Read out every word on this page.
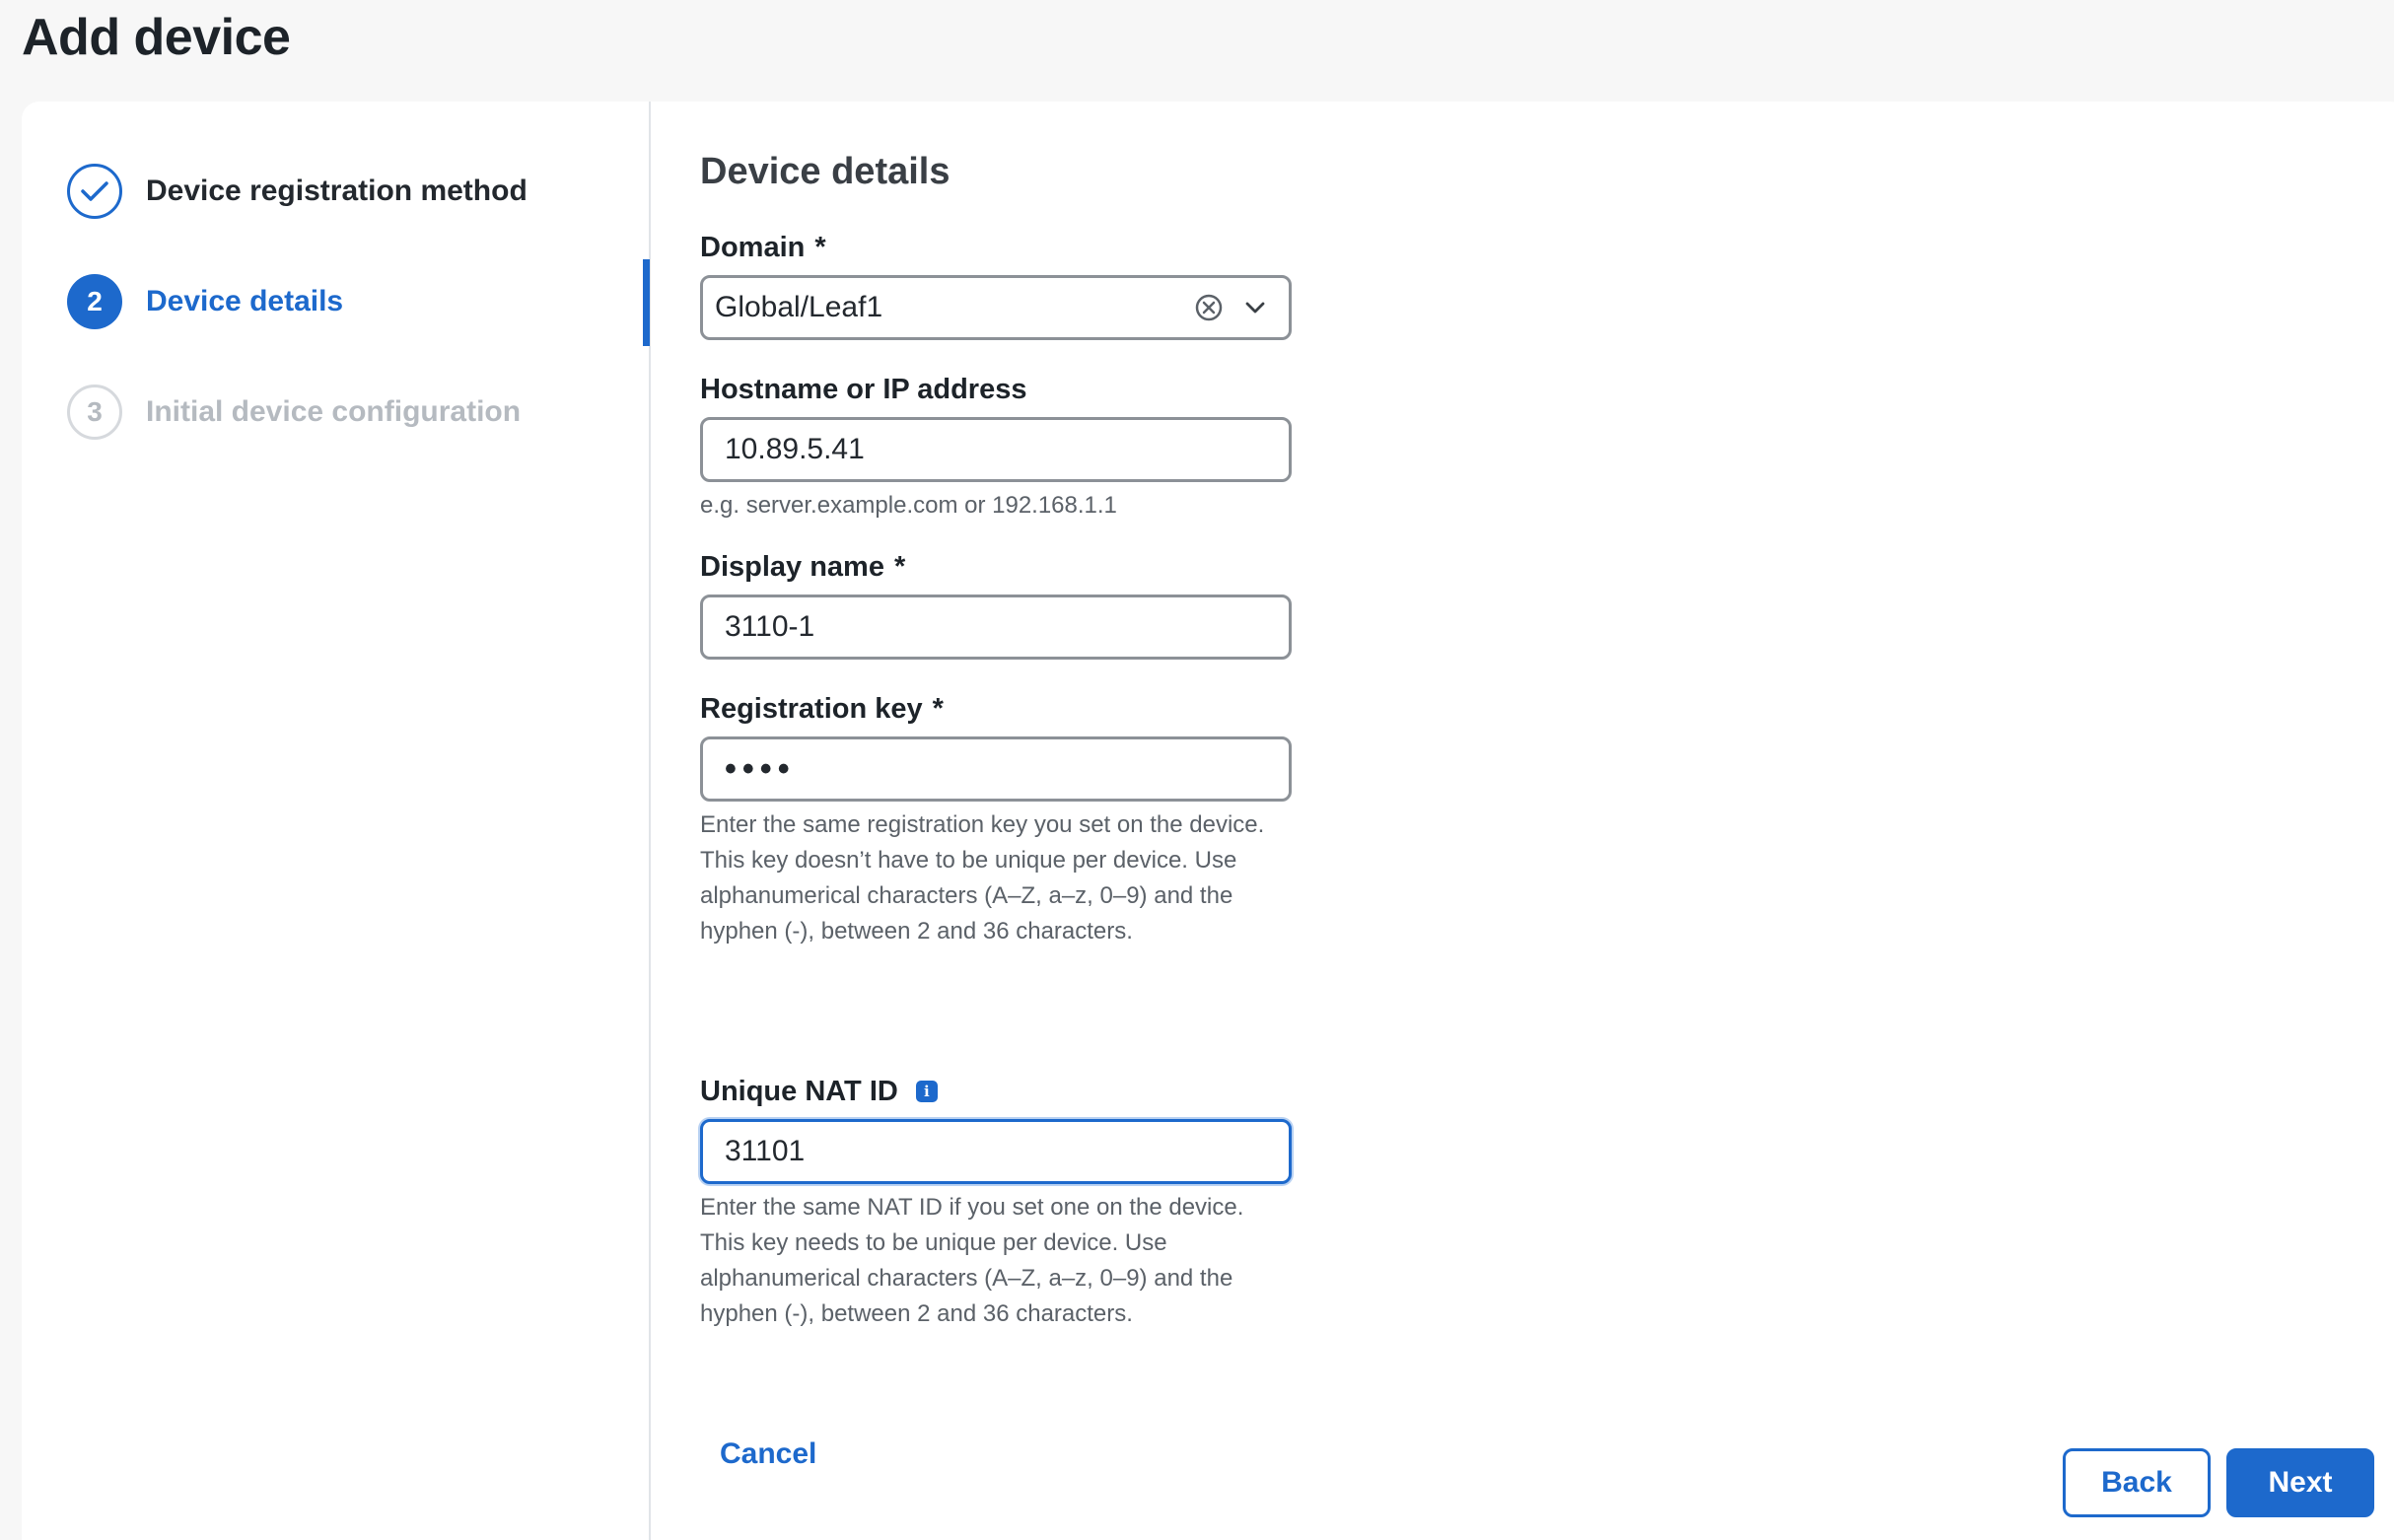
Add device
Device registration method
2	Device details
3	Initial device configuration
Device details
Domain *
Global/Leaf1
Hostname or IP address
10.89.5.41
e.g. server.example.com or 192.168.1.1
Display name *
3110-1
Registration key *
••••
Enter the same registration key you set on the device. This key doesn’t have to be unique per device. Use alphanumerical characters (A–Z, a–z, 0–9) and the hyphen (-), between 2 and 36 characters.
Unique NAT ID	i
31101
Enter the same NAT ID if you set one on the device. This key needs to be unique per device. Use alphanumerical characters (A–Z, a–z, 0–9) and the hyphen (-), between 2 and 36 characters.
Cancel
Back	Next
